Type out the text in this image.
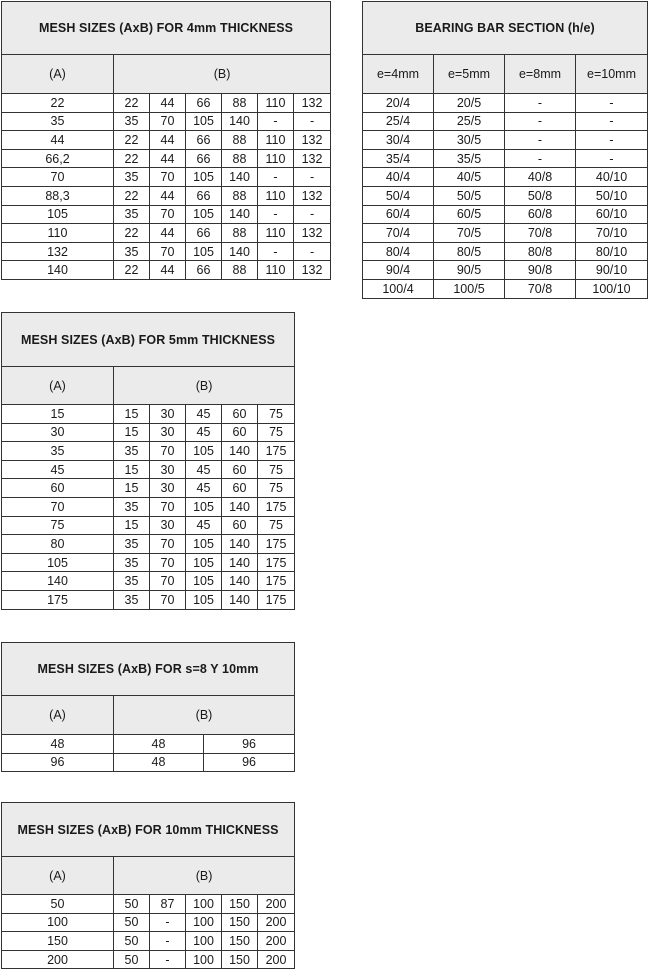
MESH SIZES (AxB) FOR 4mm THICKNESS						
(A)	(B)					
22	22	44	66	88	110	132
35	35	70	105	140	-	-
44	22	44	66	88	110	132
66,2	22	44	66	88	110	132
70	35	70	105	140	-	-
88,3	22	44	66	88	110	132
105	35	70	105	140	-	-
110	22	44	66	88	110	132
132	35	70	105	140	-	-
140	22	44	66	88	110	132
BEARING BAR SECTION (h/e)			
e=4mm	e=5mm	e=8mm	e=10mm
20/4	20/5	-	-
25/4	25/5	-	-
30/4	30/5	-	-
35/4	35/5	-	-
40/4	40/5	40/8	40/10
50/4	50/5	50/8	50/10
60/4	60/5	60/8	60/10
70/4	70/5	70/8	70/10
80/4	80/5	80/8	80/10
90/4	90/5	90/8	90/10
100/4	100/5	70/8	100/10
MESH SIZES (AxB) FOR 5mm THICKNESS					
(A)	(B)				
15	15	30	45	60	75
30	15	30	45	60	75
35	35	70	105	140	175
45	15	30	45	60	75
60	15	30	45	60	75
70	35	70	105	140	175
75	15	30	45	60	75
80	35	70	105	140	175
105	35	70	105	140	175
140	35	70	105	140	175
175	35	70	105	140	175
MESH SIZES (AxB) FOR s=8 Y 10mm		
(A)	(B)	
48	48	96
96	48	96
MESH SIZES (AxB) FOR 10mm THICKNESS					
(A)	(B)				
50	50	87	100	150	200
100	50	-	100	150	200
150	50	-	100	150	200
200	50	-	100	150	200
